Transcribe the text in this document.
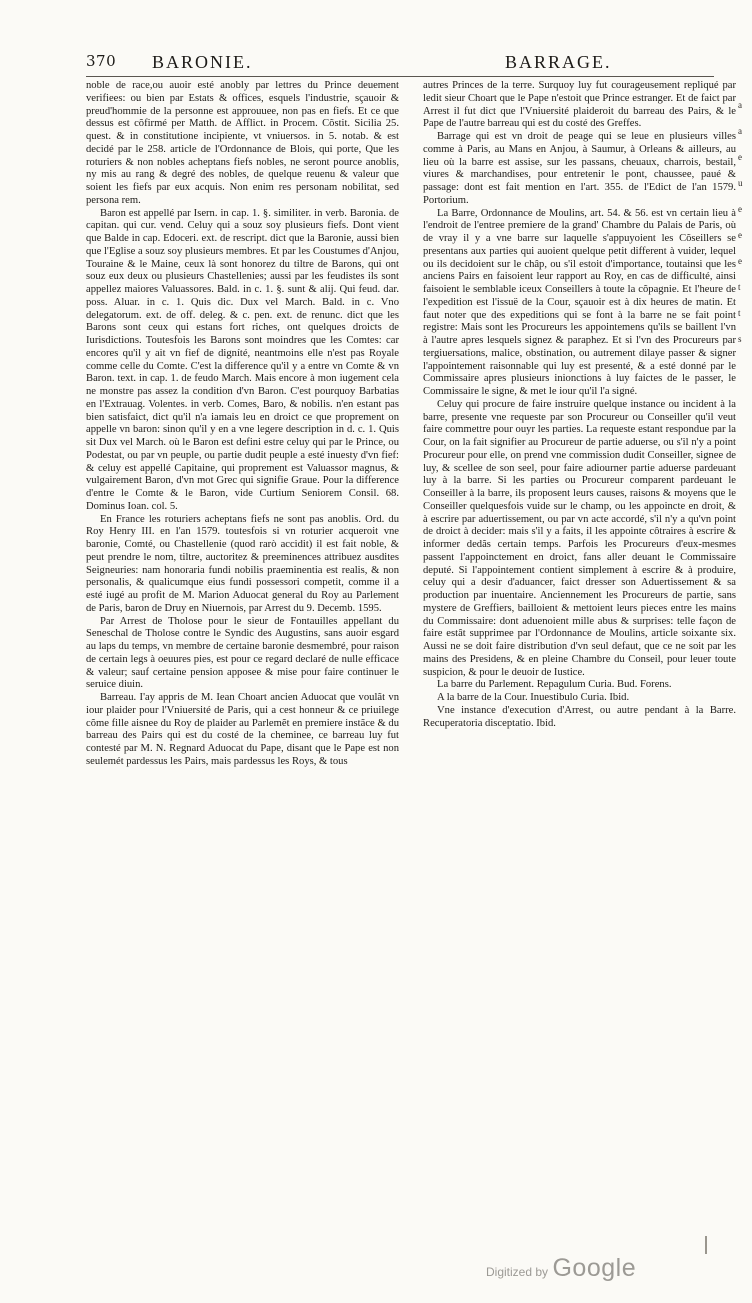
370 BARONIE.	BARRAGE.

noble de race,ou auoir esté anobly par lettres du Prince deuement verifiees: ou bien par Estats & offices, esquels l'industrie, sçauoir & preud'hommie de la personne est approuuee, non pas en fiefs. Et ce que dessus est cõfirmé per Matth. de Afflict. in Procem. Cõstit. Sicilia 25. quest. & in constitutione incipiente, vt vniuersos. in 5. notab. & est decidé par le 258. article de l'Ordonnance de Blois, qui porte, Que les roturiers & non nobles acheptans fiefs nobles, ne seront pource anoblis, ny mis au rang & degré des nobles, de quelque reuenu & valeur que soient les fiefs par eux acquis. Non enim res personam nobilitat, sed persona rem.

Baron est appellé par Isern. in cap. 1. §. similiter. in verb. Baronia. de capitan. qui cur. vend. Celuy qui a souz soy plusieurs fiefs. Dont vient que Balde in cap. Edoceri. ext. de rescript. dict que la Baronie, aussi bien que l'Eglise a souz soy plusieurs membres. Et par les Coustumes d'Anjou, Touraine & le Maine, ceux là sont honorez du tiltre de Barons, qui ont souz eux deux ou plusieurs Chastellenies; aussi par les feudistes ils sont appellez maiores Valuassores. Bald. in c. 1. §. sunt & alij. Qui feud. dar. poss. Aluar. in c. 1. Quis dic. Dux vel March. Bald. in c. Vno delegatorum. ext. de off. deleg. & c. pen. ext. de renunc. dict que les Barons sont ceux qui estans fort riches, ont quelques droicts de Iurisdictions. Toutesfois les Barons sont moindres que les Comtes: car encores qu'il y ait vn fief de digníté, neantmoins elle n'est pas Royale comme celle du Comte. C'est la difference qu'il y a entre vn Comte & vn Baron. text. in cap. 1. de feudo March. Mais encore à mon iugement cela ne monstre pas assez la condition d'vn Baron. C'est pourquoy Barbatias en l'Extrauag. Volentes. in verb. Comes, Baro, & nobilis. n'en estant pas bien satisfaict, dict qu'il n'a iamais leu en droict ce que proprement on appelle vn baron: sinon qu'il y en a vne legere description in d. c. 1. Quis sit Dux vel March. où le Baron est defini estre celuy qui par le Prince, ou Podestat, ou par vn peuple, ou partie dudit peuple a esté inuesty d'vn fief: & celuy est appellé Capitaine, qui proprement est Valuassor magnus, & vulgairement Baron, d'vn mot Grec qui signifie Graue. Pour la difference d'entre le Comte & le Baron, vide Curtium Seniorem Consil. 68. Dominus Ioan. col. 5.

En France les roturiers acheptans fiefs ne sont pas anoblis. Ord. du Roy Henry III. en l'an 1579. toutesfois si vn roturier acqueroit vne baronie, Comté, ou Chastellenie (quod rarò accidit) il est fait noble, & peut prendre le nom, tiltre, auctoritez & preeminences attribuez ausdites Seigneuries: nam honoraria fundi nobilis praeminentia est realis, & non personalis, & qualicumque eius fundi possessori competit, comme il a esté iugé au profit de M. Marion Aduocat general du Roy au Parlement de Paris, baron de Druy en Niuernois, par Arrest du 9. Decemb. 1595.

Par Arrest de Tholose pour le sieur de Fontauilles appellant du Seneschal de Tholose contre le Syndic des Augustins, sans auoir esgard au laps du temps, vn membre de certaine baronie desmembré, pour raison de certain legs à oeuures pies, est pour ce regard declaré de nulle efficace & valeur; sauf certaine pension apposee & mise pour faire continuer le seruice diuin.

Barreau. I'ay appris de M. Iean Choart ancien Aduocat que voulãt vn iour plaider pour l'Vniuersité de Paris, qui a cest honneur & ce priuilege cõme fille aisnee du Roy de plaider au Parlemẽt en premiere instãce & du barreau des Pairs qui est du costé de la cheminee, ce barreau luy fut contesté par M. N. Regnard Aduocat du Pape, disant que le Pape est non seulemét pardessus les Pairs, mais pardessus les Roys, & tous

autres Princes de la terre. Surquoy luy fut courageusement repliqué par ledit sieur Choart que le Pape n'estoit que Prince estranger. Et de faict par Arrest il fut dict que l'Vniuersité plaideroit du barreau des Pairs, & le Pape de l'autre barreau qui est du costé des Greffes.

Barrage qui est vn droit de peage qui se leue en plusieurs villes comme à Paris, au Mans en Anjou, à Saumur, à Orleans & ailleurs, au lieu où la barre est assise, sur les passans, cheuaux, charrois, bestail, viures & marchandises, pour entretenir le pont, chaussee, paué & passage: dont est fait mention en l'art. 355. de l'Edict de l'an 1579. Portorium.

La Barre, Ordonnance de Moulins, art. 54. & 56. est vn certain lieu à l'endroit de l'entree premiere de la grand' Chambre du Palais de Paris, où de vray il y a vne barre sur laquelle s'appuyoient les Cõseillers se presentans aux parties qui auoient quelque petit different à vuider, lequel ou ils decidoient sur le châp, ou s'il estoit d'importance, toutainsi que les anciens Pairs en faisoient leur rapport au Roy, en cas de difficulté, ainsi faisoient le semblable iceux Conseillers à toute la cõpagnie. Et l'heure de l'expedition est l'issuë de la Cour, sçauoir est à dix heures de matin. Et faut noter que des expeditions qui se font à la barre ne se fait point registre: Mais sont les Procureurs les appointemens qu'ils se baillent l'vn à l'autre apres lesquels signez & paraphez. Et si l'vn des Procureurs par tergiuersations, malice, obstination, ou autrement dilaye passer & signer l'appointement raisonnable qui luy est presenté, & a esté donné par le Commissaire apres plusieurs inionctions à luy faictes de le passer, le Commissaire le signe, & met le iour qu'il l'a signé.

Celuy qui procure de faire instruire quelque instance ou incident à la barre, presente vne requeste par son Procureur ou Conseiller qu'il veut faire commettre pour ouyr les parties. La requeste estant respondue par la Cour, on la fait signifier au Procureur de partie aduerse, ou s'il n'y a point Procureur pour elle, on prend vne commission dudit Conseiller, signee de luy, & scellee de son seel, pour faire adiourner partie aduerse pardeuant luy à la barre. Si les parties ou Procureur comparent pardeuant le Conseiller à la barre, ils proposent leurs causes, raisons & moyens que le Conseiller quelquesfois vuide sur le champ, ou les appoincte en droit, & à escrire par aduertissement, ou par vn acte accordé, s'il n'y a qu'vn point de droict à decider: mais s'il y a faits, il les appointe côtraires à escrire & informer dedãs certain temps. Parfois les Procureurs d'eux-mesmes passent l'appoinctement en droict, fans aller deuant le Commissaire deputé. Si l'appointement contient simplement à escrire & à produire, celuy qui a desir d'aduancer, faict dresser son Aduertissement & sa production par inuentaire. Anciennement les Procureurs de partie, sans mystere de Greffiers, bailloient & mettoient leurs pieces entre les mains du Commissaire: dont aduenoient mille abus & surprises: telle façon de faire estât supprimee par l'Ordonnance de Moulins, article soixante six. Aussi ne se doit faire distribution d'vn seul defaut, que ce ne soit par les mains des Presidens, & en pleine Chambre du Conseil, pour leuer toute suspicion, & pour le deuoir de Iustice.

La barre du Parlement. Repagulum Curia. Bud. Forens.

A la barre de la Cour. Inuestibulo Curia. Ibid.

Vne instance d'execution d'Arrest, ou autre pendant à la Barre. Recuperatoria disceptatio. Ibid.

a
a
e
u
e
e
e
t
t
s
Digitized by Google
